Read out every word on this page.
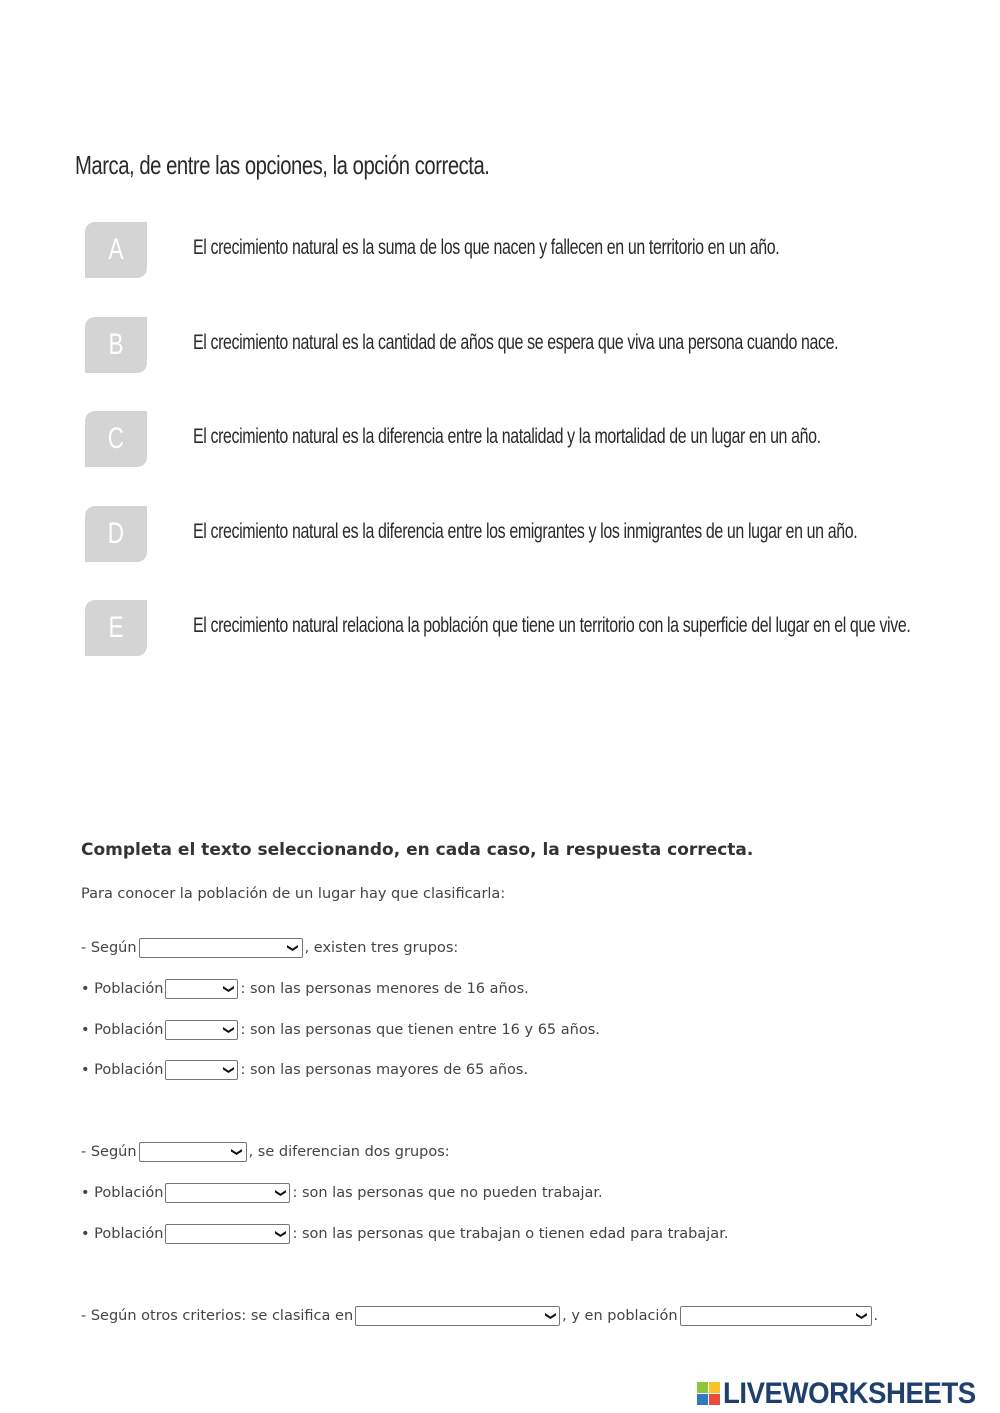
Marca, de entre las opciones, la opción correcta.
A	El crecimiento natural es la suma de los que nacen y fallecen en un territorio en un año.
B	El crecimiento natural es la cantidad de años que se espera que viva una persona cuando nace.
C	El crecimiento natural es la diferencia entre la natalidad y la mortalidad de un lugar en un año.
D	El crecimiento natural es la diferencia entre los emigrantes y los inmigrantes de un lugar en un año.
E	El crecimiento natural relaciona la población que tiene un territorio con la superficie del lugar en el que vive.
Completa el texto seleccionando, en cada caso, la respuesta correcta.
Para conocer la población de un lugar hay que clasificarla:
- Según	❯ , existen tres grupos:
• Población	❯ : son las personas menores de 16 años.
• Población	❯ : son las personas que tienen entre 16 y 65 años.
• Población	❯ : son las personas mayores de 65 años.
- Según	❯ , se diferencian dos grupos:
• Población	❯ : son las personas que no pueden trabajar.
• Población	❯ : son las personas que trabajan o tienen edad para trabajar.
- Según otros criterios: se clasifica en	❯ , y en población	❯ .
LIVEWORKSHEETS
